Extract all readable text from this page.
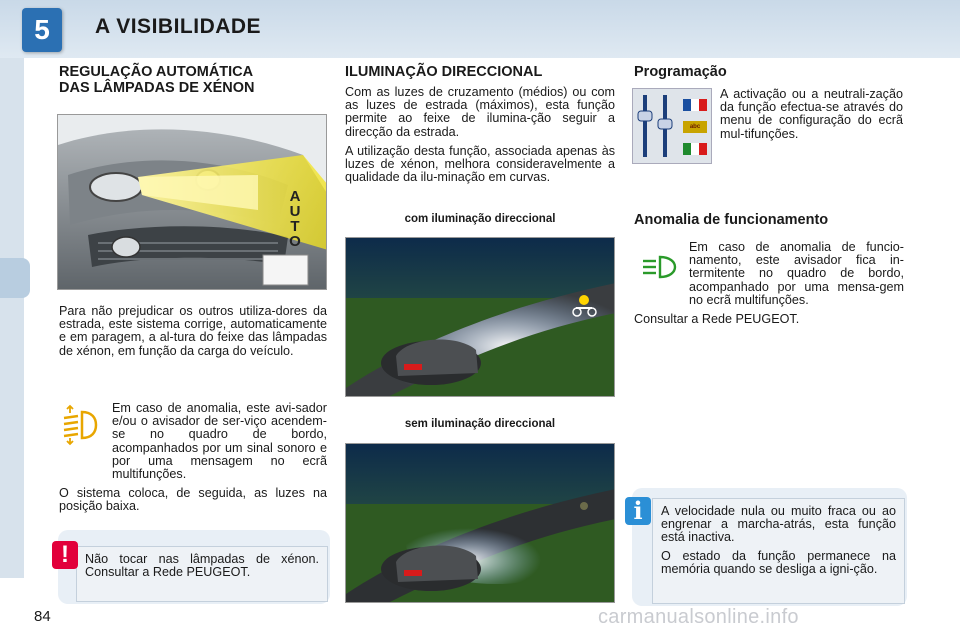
5	A VISIBILIDADE
REGULAÇÃO AUTOMÁTICA
DAS LÂMPADAS DE XÉNON
A
U
T
O

Para não prejudicar os outros utiliza-dores da estrada, este sistema corrige, automaticamente e em paragem, a al-tura do feixe das lâmpadas de xénon, em função da carga do veículo.

Em caso de anomalia, este avi-sador e/ou o avisador de ser-viço acendem-se no quadro de bordo, acompanhados por um sinal sonoro e por uma mensagem no ecrã multifunções.

O sistema coloca, de seguida, as luzes na posição baixa.

Não tocar nas lâmpadas de xénon. Consultar a Rede PEUGEOT.

!
ILUMINAÇÃO DIRECCIONAL

Com as luzes de cruzamento (médios) ou com as luzes de estrada (máximos), esta função permite ao feixe de ilumina-ção seguir a direcção da estrada.

A utilização desta função, associada apenas às luzes de xénon, melhora consideravelmente a qualidade da ilu-minação em curvas.

com iluminação direccional
sem iluminação direccional
Programação
abc

A activação ou a neutrali-zação da função efectua-se através do menu de configuração do ecrã mul-tifunções.

Anomalia de funcionamento

Em caso de anomalia de funcio-namento, este avisador fica in-termitente no quadro de bordo, acompanhado por uma mensa-gem no ecrã multifunções.

Consultar a Rede PEUGEOT.

A velocidade nula ou muito fraca ou ao engrenar a marcha-atrás, esta função está inactiva.

O estado da função permanece na memória quando se desliga a igni-ção.

i
84	carmanualsonline.info
